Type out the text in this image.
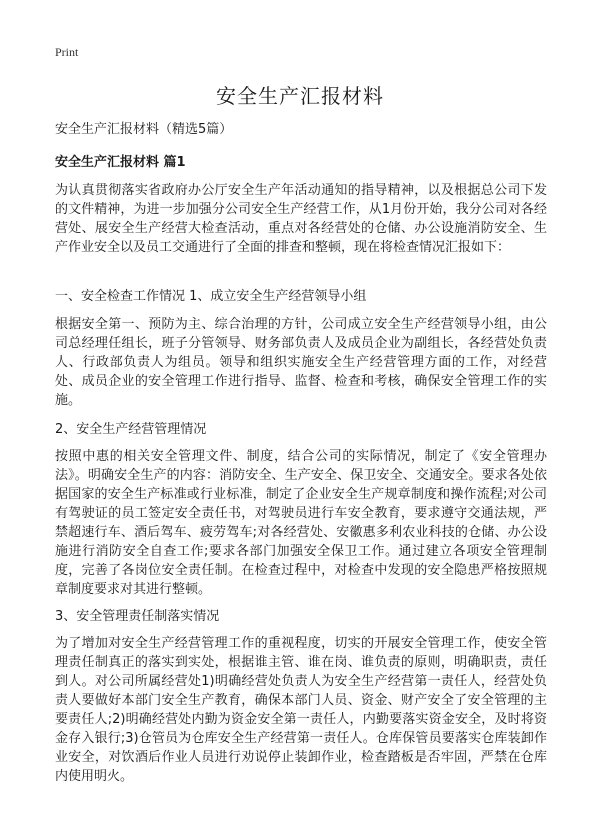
Print
安全生产汇报材料
安全生产汇报材料（精选5篇）
安全生产汇报材料 篇1

为认真贯彻落实省政府办公厅安全生产年活动通知的指导精神，以及根据总公司下发的文件精神，为进一步加强分公司安全生产经营工作，从1月份开始，我分公司对各经营处、展安全生产经营大检查活动，重点对各经营处的仓储、办公设施消防安全、生产作业安全以及员工交通进行了全面的排查和整顿，现在将检查情况汇报如下：

一、安全检查工作情况 1、成立安全生产经营领导小组

根据安全第一、预防为主、综合治理的方针，公司成立安全生产经营领导小组，由公司总经理任组长，班子分管领导、财务部负责人及成员企业为副组长，各经营处负责人、行政部负责人为组员。领导和组织实施安全生产经营管理方面的工作，对经营处、成员企业的安全管理工作进行指导、监督、检查和考核，确保安全管理工作的实施。

2、安全生产经营管理情况

按照中惠的相关安全管理文件、制度，结合公司的实际情况，制定了《安全管理办法》。明确安全生产的内容：消防安全、生产安全、保卫安全、交通安全。要求各处依据国家的安全生产标准或行业标准，制定了企业安全生产规章制度和操作流程;对公司有驾驶证的员工签定安全责任书，对驾驶员进行车安全教育，要求遵守交通法规，严禁超速行车、酒后驾车、疲劳驾车;对各经营处、安徽惠多利农业科技的仓储、办公设施进行消防安全自查工作;要求各部门加强安全保卫工作。通过建立各项安全管理制度，完善了各岗位安全责任制。在检查过程中，对检查中发现的安全隐患严格按照规章制度要求对其进行整顿。

3、安全管理责任制落实情况

为了增加对安全生产经营管理工作的重视程度，切实的开展安全管理工作，使安全管理责任制真正的落实到实处，根据谁主管、谁在岗、谁负责的原则，明确职责，责任到人。对公司所属经营处1)明确经营处负责人为安全生产经营第一责任人，经营处负责人要做好本部门安全生产教育，确保本部门人员、资金、财产安全了安全管理的主要责任人;2)明确经营处内勤为资金安全第一责任人，内勤要落实资金安全，及时将资金存入银行;3)仓管员为仓库安全生产经营第一责任人。仓库保管员要落实仓库装卸作业安全，对饮酒后作业人员进行劝说停止装卸作业，检查踏板是否牢固，严禁在仓库内使用明火。
